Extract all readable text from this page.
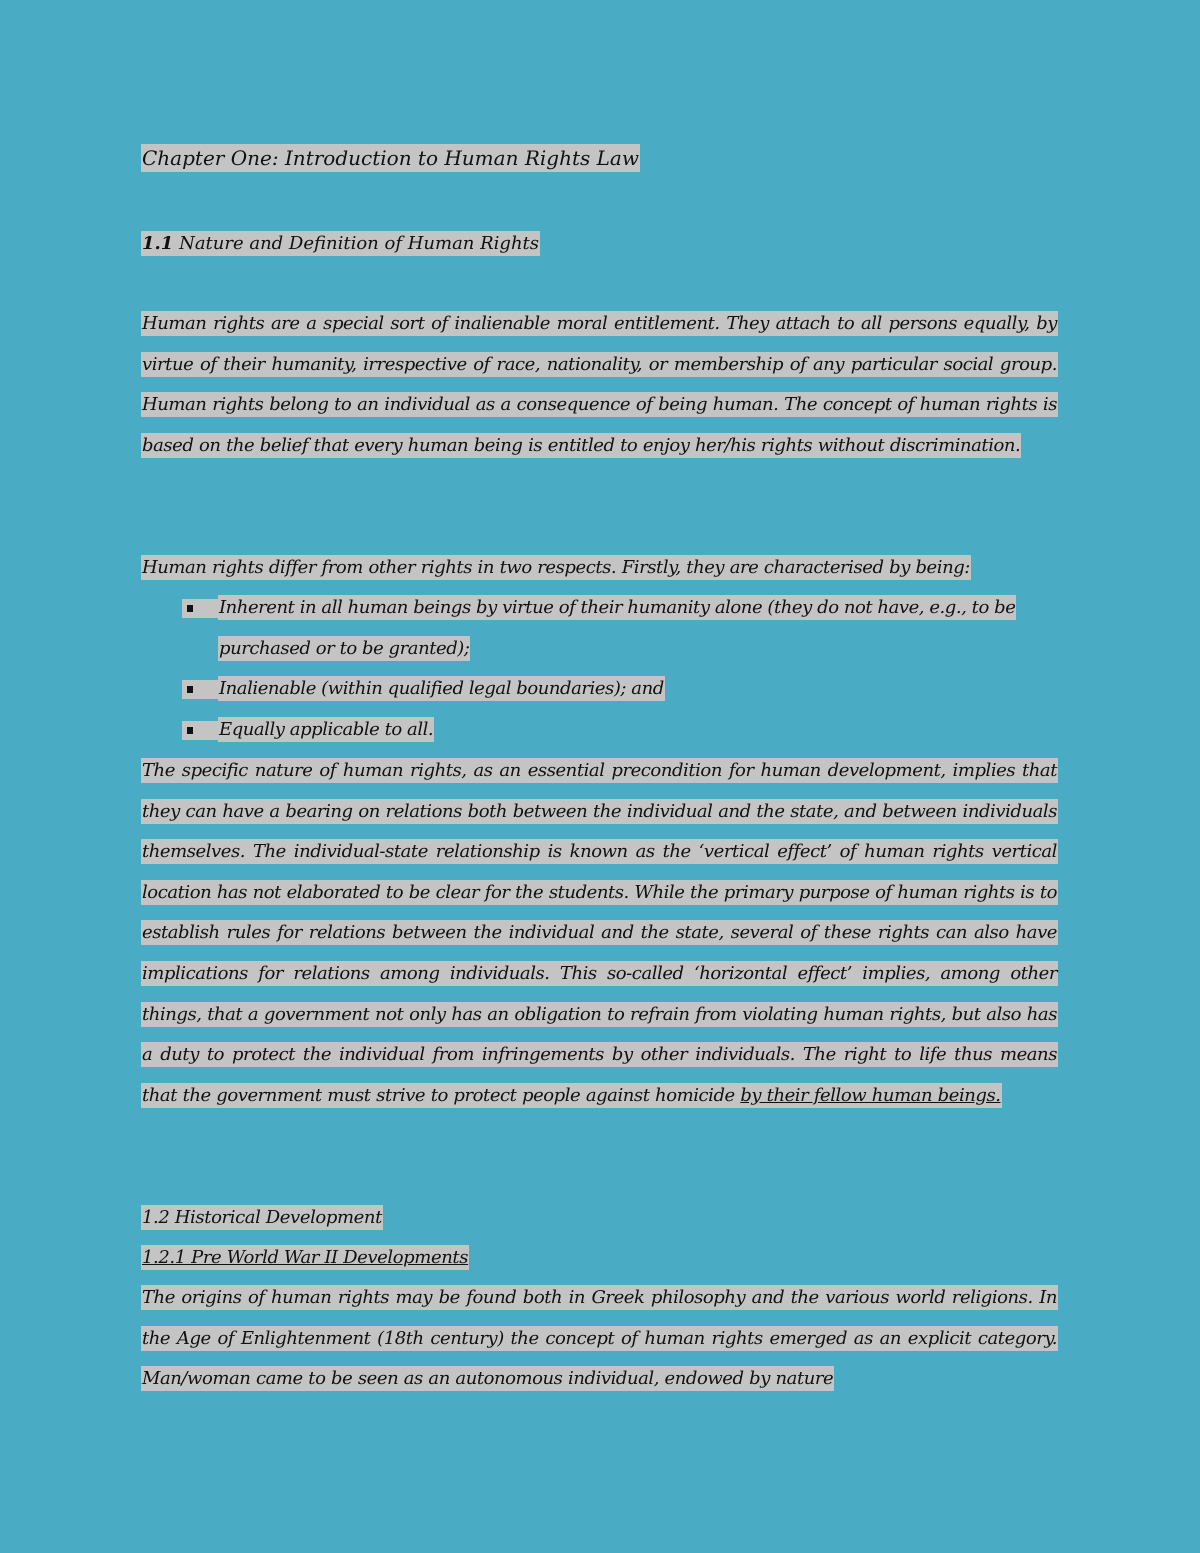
Chapter One: Introduction to Human Rights Law
1.1 Nature and Definition of Human Rights
Human rights are a special sort of inalienable moral entitlement. They attach to all persons equally, by virtue of their humanity, irrespective of race, nationality, or membership of any particular social group. Human rights belong to an individual as a consequence of being human. The concept of human rights is based on the belief that every human being is entitled to enjoy her/his rights without discrimination.
Human rights differ from other rights in two respects. Firstly, they are characterised by being:
Inherent in all human beings by virtue of their humanity alone (they do not have, e.g., to be purchased or to be granted);
Inalienable (within qualified legal boundaries); and
Equally applicable to all.
The specific nature of human rights, as an essential precondition for human development, implies that they can have a bearing on relations both between the individual and the state, and between individuals themselves. The individual-state relationship is known as the ‘vertical effect’ of human rights vertical location has not elaborated to be clear for the students. While the primary purpose of human rights is to establish rules for relations between the individual and the state, several of these rights can also have implications for relations among individuals. This so-called ‘horizontal effect’ implies, among other things, that a government not only has an obligation to refrain from violating human rights, but also has a duty to protect the individual from infringements by other individuals. The right to life thus means that the government must strive to protect people against homicide by their fellow human beings.
1.2 Historical Development
1.2.1 Pre World War II Developments
The origins of human rights may be found both in Greek philosophy and the various world religions. In the Age of Enlightenment (18th century) the concept of human rights emerged as an explicit category. Man/woman came to be seen as an autonomous individual, endowed by nature
